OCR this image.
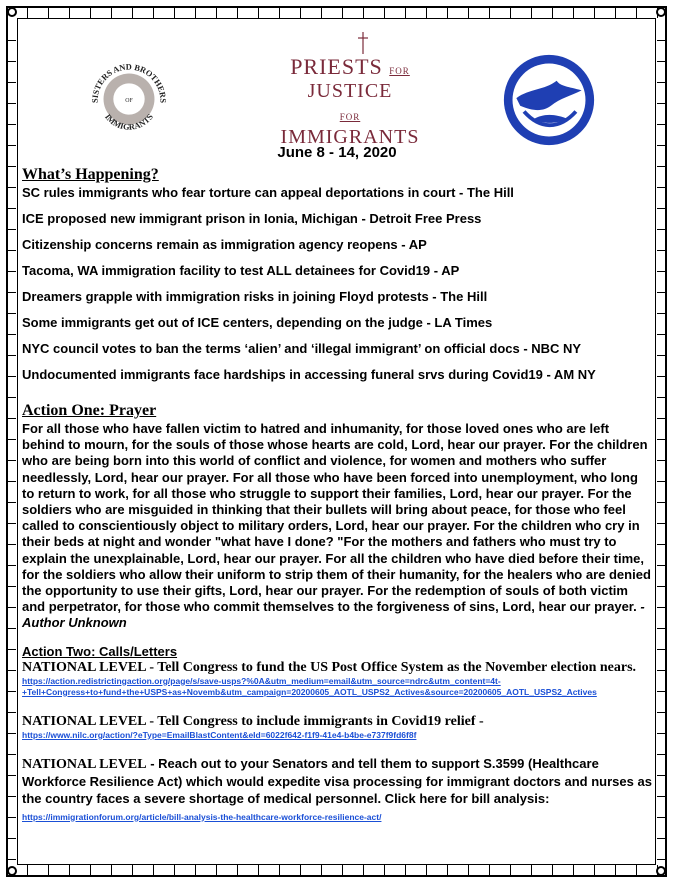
OF
SISTERS AND BROTHERS
IMMIGRANTS
PRIESTS FOR
JUSTICE
FOR IMMIGRANTS
June 8 - 14, 2020
What’s Happening?
SC rules immigrants who fear torture can appeal deportations in court - The Hill
ICE proposed new immigrant prison in Ionia, Michigan - Detroit Free Press
Citizenship concerns remain as immigration agency reopens - AP
Tacoma, WA immigration facility to test ALL detainees for Covid19 - AP
Dreamers grapple with immigration risks in joining Floyd protests - The Hill
Some immigrants get out of ICE centers, depending on the judge - LA Times
NYC council votes to ban the terms ‘alien’ and ‘illegal immigrant’ on official docs - NBC NY
Undocumented immigrants face hardships in accessing funeral srvs during Covid19 - AM NY
Action One: Prayer
For all those who have fallen victim to hatred and inhumanity, for those loved ones who are left behind to mourn, for the souls of those whose hearts are cold, Lord, hear our prayer. For the children who are being born into this world of conflict and violence, for women and mothers who suffer needlessly, Lord, hear our prayer. For all those who have been forced into unemployment, who long to return to work, for all those who struggle to support their families, Lord, hear our prayer. For the soldiers who are misguided in thinking that their bullets will bring about peace, for those who feel called to conscientiously object to military orders, Lord, hear our prayer. For the children who cry in their beds at night and wonder "what have I done? "For the mothers and fathers who must try to explain the unexplainable, Lord, hear our prayer. For all the children who have died before their time, for the soldiers who allow their uniform to strip them of their humanity, for the healers who are denied the opportunity to use their gifts, Lord, hear our prayer. For the redemption of souls of both victim and perpetrator, for those who commit themselves to the forgiveness of sins, Lord, hear our prayer. - Author Unknown
Action Two: Calls/Letters
NATIONAL LEVEL - Tell Congress to fund the US Post Office System as the November election nears.
https://action.redistrictingaction.org/page/s/save-usps?%0A&utm_medium=email&utm_source=ndrc&utm_content=4t-+Tell+Congress+to+fund+the+USPS+as+Novemb&utm_campaign=20200605_AOTL_USPS2_Actives&source=20200605_AOTL_USPS2_Actives
NATIONAL LEVEL - Tell Congress to include immigrants in Covid19 relief -
https://www.nilc.org/action/?eType=EmailBlastContent&eId=6022f642-f1f9-41e4-b4be-e737f9fd6f8f
NATIONAL LEVEL - Reach out to your Senators and tell them to support S.3599 (Healthcare Workforce Resilience Act) which would expedite visa processing for immigrant doctors and nurses as the country faces a severe shortage of medical personnel. Click here for bill analysis: https://immigrationforum.org/article/bill-analysis-the-healthcare-workforce-resilience-act/
